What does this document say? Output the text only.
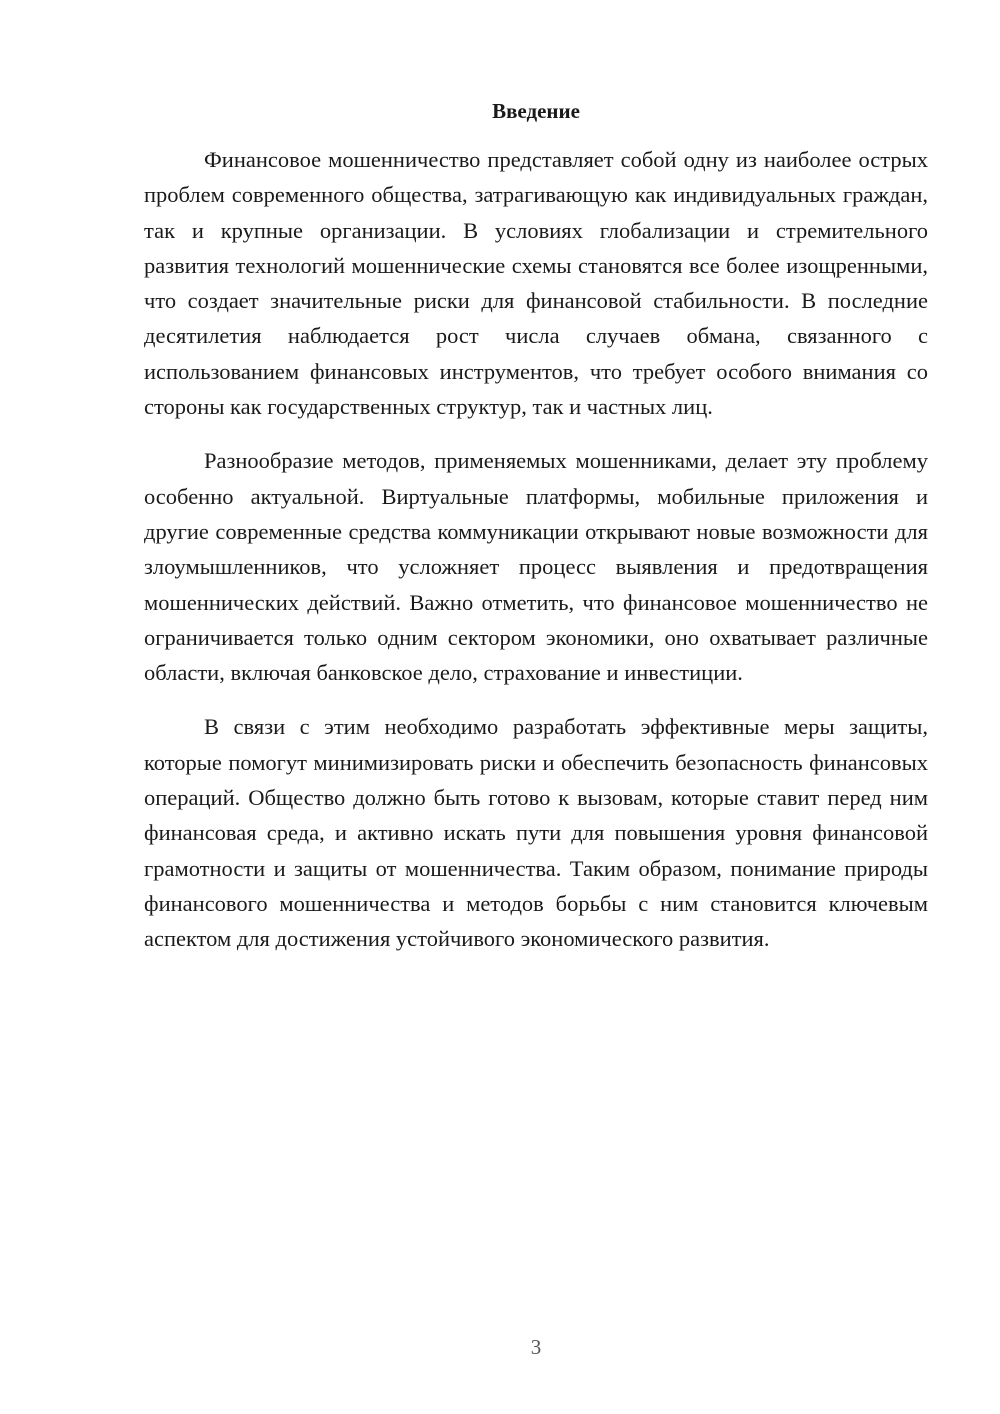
Введение

Финансовое мошенничество представляет собой одну из наиболее острых проблем современного общества, затрагивающую как индивидуальных граждан, так и крупные организации. В условиях глобализации и стремительного развития технологий мошеннические схемы становятся все более изощренными, что создает значительные риски для финансовой стабильности. В последние десятилетия наблюдается рост числа случаев обмана, связанного с использованием финансовых инструментов, что требует особого внимания со стороны как государственных структур, так и частных лиц.

Разнообразие методов, применяемых мошенниками, делает эту проблему особенно актуальной. Виртуальные платформы, мобильные приложения и другие современные средства коммуникации открывают новые возможности для злоумышленников, что усложняет процесс выявления и предотвращения мошеннических действий. Важно отметить, что финансовое мошенничество не ограничивается только одним сектором экономики, оно охватывает различные области, включая банковское дело, страхование и инвестиции.

В связи с этим необходимо разработать эффективные меры защиты, которые помогут минимизировать риски и обеспечить безопасность финансовых операций. Общество должно быть готово к вызовам, которые ставит перед ним финансовая среда, и активно искать пути для повышения уровня финансовой грамотности и защиты от мошенничества. Таким образом, понимание природы финансового мошенничества и методов борьбы с ним становится ключевым аспектом для достижения устойчивого экономического развития.

3
